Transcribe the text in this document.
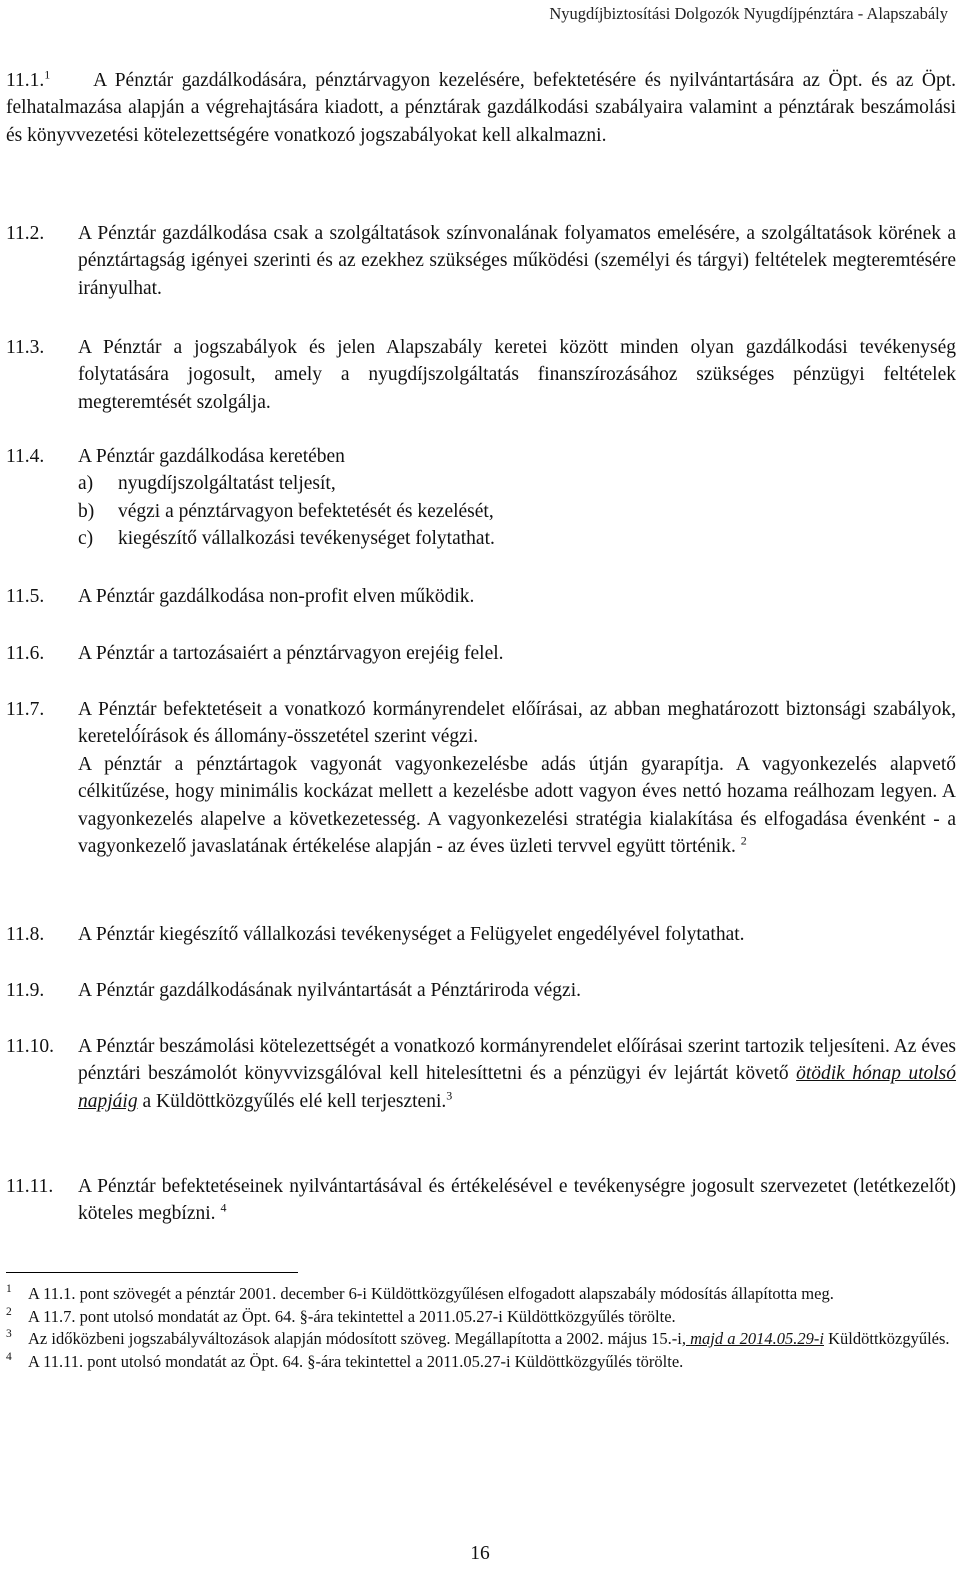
Nyugdíjbiztosítási Dolgozók Nyugdíjpénztára - Alapszabály

11.1.$^1$ A Pénztár gazdálkodására, pénztárvagyon kezelésére, befektetésére és nyilvántartására az Öpt. és az Öpt. felhatalmazása alapján a végrehajtására kiadott, a pénztárak gazdálkodási szabályaira valamint a pénztárak beszámolási és könyvvezetési kötelezettségére vonatkozó jogszabályokat kell alkalmazni.

11.2. A Pénztár gazdálkodása csak a szolgáltatások színvonalának folyamatos emelésére, a szolgáltatások körének a pénztártagság igényei szerinti és az ezekhez szükséges működési (személyi és tárgyi) feltételek megteremtésére irányulhat.

11.3. A Pénztár a jogszabályok és jelen Alapszabály keretei között minden olyan gazdálkodási tevékenység folytatására jogosult, amely a nyugdíjszolgáltatás finanszírozásához szükséges pénzügyi feltételek megteremtését szolgálja.

11.4. A Pénztár gazdálkodása keretében

a)	nyugdíjszolgáltatást teljesít,
b)	végzi a pénztárvagyon befektetését és kezelését,
c)	kiegészítő vállalkozási tevékenységet folytathat.
11.5. A Pénztár gazdálkodása non-profit elven működik.

11.6. A Pénztár a tartozásaiért a pénztárvagyon erejéig felel.

11.7. A Pénztár befektetéseit a vonatkozó kormányrendelet előírásai, az abban meghatározott biztonsági szabályok, kereteló́írások és állomány-összetétel szerint végzi.

A pénztár a pénztártagok vagyonát vagyonkezelésbe adás útján gyarapítja. A vagyonkezelés alapvető célkitűzése, hogy minimális kockázat mellett a kezelésbe adott vagyon éves nettó hozama reálhozam legyen. A vagyonkezelés alapelve a következetesség. A vagyonkezelési stratégia kialakítása és elfogadása évenként - a vagyonkezelő javaslatának értékelése alapján - az éves üzleti tervvel együtt történik. $^2$

11.8. A Pénztár kiegészítő vállalkozási tevékenységet a Felügyelet engedélyével folytathat.

11.9. A Pénztár gazdálkodásának nyilvántartását a Pénztáriroda végzi.

11.10. A Pénztár beszámolási kötelezettségét a vonatkozó kormányrendelet előírásai szerint tartozik teljesíteni. Az éves pénztári beszámolót könyvvizsgálóval kell hitelesíttetni és a pénzügyi év lejártát követő ötödik hónap utolsó napjáig a Küldöttközgyűlés elé kell terjeszteni.$^3$

11.11. A Pénztár befektetéseinek nyilvántartásával és értékelésével e tevékenységre jogosult szervezetet (letétkezelőt) köteles megbízni. $^4$

1 A 11.1. pont szövegét a pénztár 2001. december 6-i Küldöttközgyűlésen elfogadott alapszabály módosítás állapította meg.
2 A 11.7. pont utolsó mondatát az Öpt. 64. §-ára tekintettel a 2011.05.27-i Küldöttközgyűlés törölte.
3 Az időközbeni jogszabályváltozások alapján módosított szöveg. Megállapította a 2002. május 15.-i, majd a 2014.05.29-i Küldöttközgyűlés.
4 A 11.11. pont utolsó mondatát az Öpt. 64. §-ára tekintettel a 2011.05.27-i Küldöttközgyűlés törölte.
16
